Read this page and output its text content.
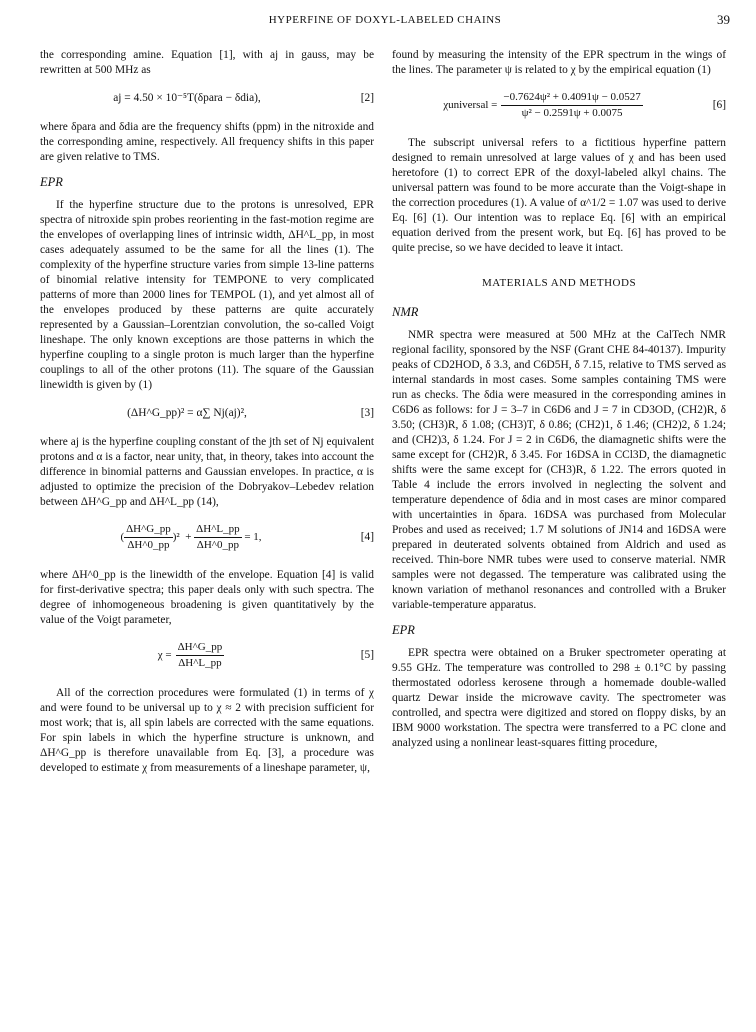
HYPERFINE OF DOXYL-LABELED CHAINS	39

the corresponding amine. Equation [1], with aj in gauss, may be rewritten at 500 MHz as

aj = 4.50 × 10⁻⁵T(δpara − δdia),	[2]

where δpara and δdia are the frequency shifts (ppm) in the nitroxide and the corresponding amine, respectively. All frequency shifts in this paper are given relative to TMS.

EPR

If the hyperfine structure due to the protons is unresolved, EPR spectra of nitroxide spin probes reorienting in the fast-motion regime are the envelopes of overlapping lines of intrinsic width, ΔH^L_pp, in most cases adequately assumed to be the same for all the lines (1). The complexity of the hyperfine structure varies from simple 13-line patterns of binomial relative intensity for TEMPONE to very complicated patterns of more than 2000 lines for TEMPOL (1), and yet almost all of the envelopes produced by these patterns are quite accurately represented by a Gaussian–Lorentzian convolution, the so-called Voigt lineshape. The only known exceptions are those patterns in which the hyperfine coupling to a single proton is much larger than the hyperfine couplings to all of the other protons (11). The square of the Gaussian linewidth is given by (1)

(ΔH^G_pp)² = α∑ Nj(aj)²,	[3]

where aj is the hyperfine coupling constant of the jth set of Nj equivalent protons and α is a factor, near unity, that, in theory, takes into account the difference in binomial patterns and Gaussian envelopes. In practice, α is adjusted to optimize the precision of the Dobryakov–Lebedev relation between ΔH^G_pp and ΔH^L_pp (14),

( $\frac{\Delta H\^{}G\_pp}{\Delta H\^{}0\_pp} )^2 + \frac{\Delta H\^{}L\_pp}{\Delta H\^{}0\_pp} = 1$,	[4]

where ΔH^0_pp is the linewidth of the envelope. Equation [4] is valid for first-derivative spectra; this paper deals only with such spectra. The degree of inhomogeneous broadening is given quantitatively by the value of the Voigt parameter,

$\chi = \frac{\Delta H\^{}G\_pp}{\Delta H\^{}L\_pp}$	[5]

All of the correction procedures were formulated (1) in terms of χ and were found to be universal up to χ ≈ 2 with precision sufficient for most work; that is, all spin labels are corrected with the same equations. For spin labels in which the hyperfine structure is unknown, and ΔH^G_pp is therefore unavailable from Eq. [3], a procedure was developed to estimate χ from measurements of a lineshape parameter, ψ,

found by measuring the intensity of the EPR spectrum in the wings of the lines. The parameter ψ is related to χ by the empirical equation (1)

χuniversal = $\frac{\text{−0.7624ψ² + 0.4091ψ − 0.0527}}{\text{ψ² − 0.2591ψ + 0.0075}}$	[6]

The subscript universal refers to a fictitious hyperfine pattern designed to remain unresolved at large values of χ and has been used heretofore (1) to correct EPR of the doxyl-labeled alkyl chains. The universal pattern was found to be more accurate than the Voigt-shape in the correction procedures (1). A value of α^1/2 = 1.07 was used to derive Eq. [6] (1). Our intention was to replace Eq. [6] with an empirical equation derived from the present work, but Eq. [6] has proved to be quite precise, so we have decided to leave it intact.

MATERIALS AND METHODS
NMR

NMR spectra were measured at 500 MHz at the CalTech NMR regional facility, sponsored by the NSF (Grant CHE 84-40137). Impurity peaks of CD2HOD, δ 3.3, and C6D5H, δ 7.15, relative to TMS served as internal standards in most cases. Some samples containing TMS were run as checks. The δdia were measured in the corresponding amines in C6D6 as follows: for J = 3–7 in C6D6 and J = 7 in CD3OD, (CH2)R, δ 3.50; (CH3)R, δ 1.08; (CH3)T, δ 0.86; (CH2)1, δ 1.46; (CH2)2, δ 1.24; and (CH2)3, δ 1.24. For J = 2 in C6D6, the diamagnetic shifts were the same except for (CH2)R, δ 3.45. For 16DSA in CCl3D, the diamagnetic shifts were the same except for (CH3)R, δ 1.22. The errors quoted in Table 4 include the errors involved in neglecting the solvent and temperature dependence of δdia and in most cases are minor compared with uncertainties in δpara. 16DSA was purchased from Molecular Probes and used as received; 1.7 M solutions of JN14 and 16DSA were prepared in deuterated solvents obtained from Aldrich and used as received. Thin-bore NMR tubes were used to conserve material. NMR samples were not degassed. The temperature was calibrated using the known variation of methanol resonances and controlled with a Bruker variable-temperature apparatus.

EPR

EPR spectra were obtained on a Bruker spectrometer operating at 9.55 GHz. The temperature was controlled to 298 ± 0.1°C by passing thermostated odorless kerosene through a homemade double-walled quartz Dewar inside the microwave cavity. The spectrometer was controlled, and spectra were digitized and stored on floppy disks, by an IBM 9000 workstation. The spectra were transferred to a PC clone and analyzed using a nonlinear least-squares fitting procedure,
